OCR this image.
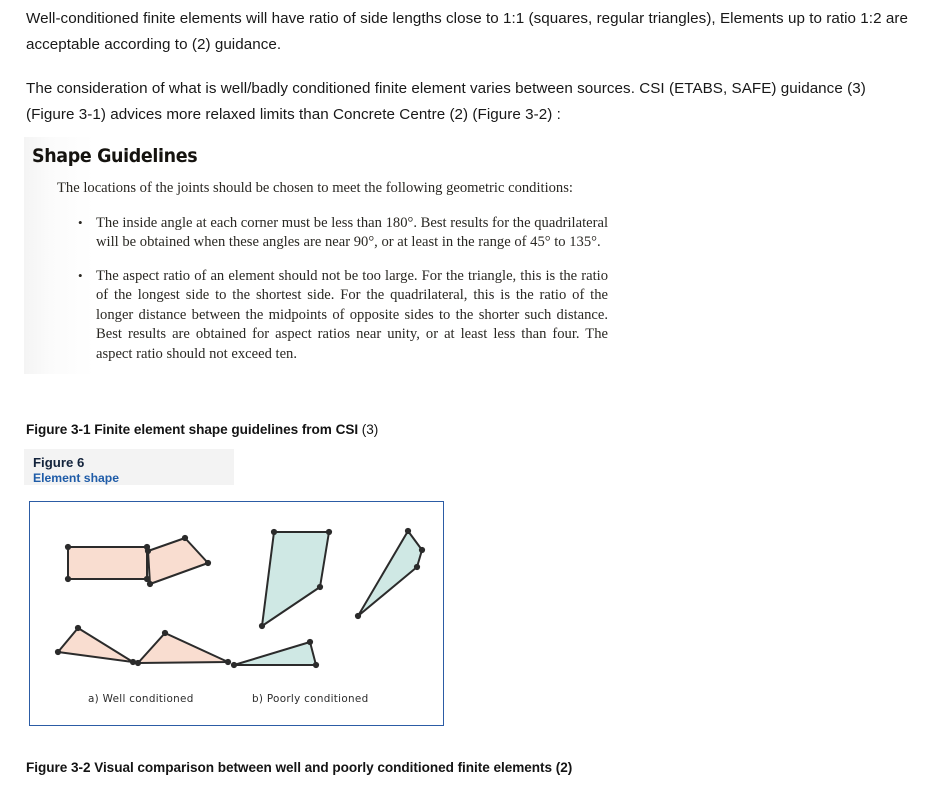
Well-conditioned finite elements will have ratio of side lengths close to 1:1 (squares, regular triangles), Elements up to ratio 1:2 are acceptable according to (2) guidance.

The consideration of what is well/badly conditioned finite element varies between sources. CSI (ETABS, SAFE) guidance (3) (Figure 3-1) advices more relaxed limits than Concrete Centre (2) (Figure 3-2) :

Shape Guidelines
The locations of the joints should be chosen to meet the following geometric conditions:
• The inside angle at each corner must be less than 180°. Best results for the quadrilateral will be obtained when these angles are near 90°, or at least in the range of 45° to 135°.
• The aspect ratio of an element should not be too large. For the triangle, this is the ratio of the longest side to the shortest side. For the quadrilateral, this is the ratio of the longer distance between the midpoints of opposite sides to the shorter such distance. Best results are obtained for aspect ratios near unity, or at least less than four. The aspect ratio should not exceed ten.
Figure 3-1 Finite element shape guidelines from CSI (3)
Figure 6
Element shape
a) Well conditioned	b) Poorly conditioned
Figure 3-2 Visual comparison between well and poorly conditioned finite elements (2)
